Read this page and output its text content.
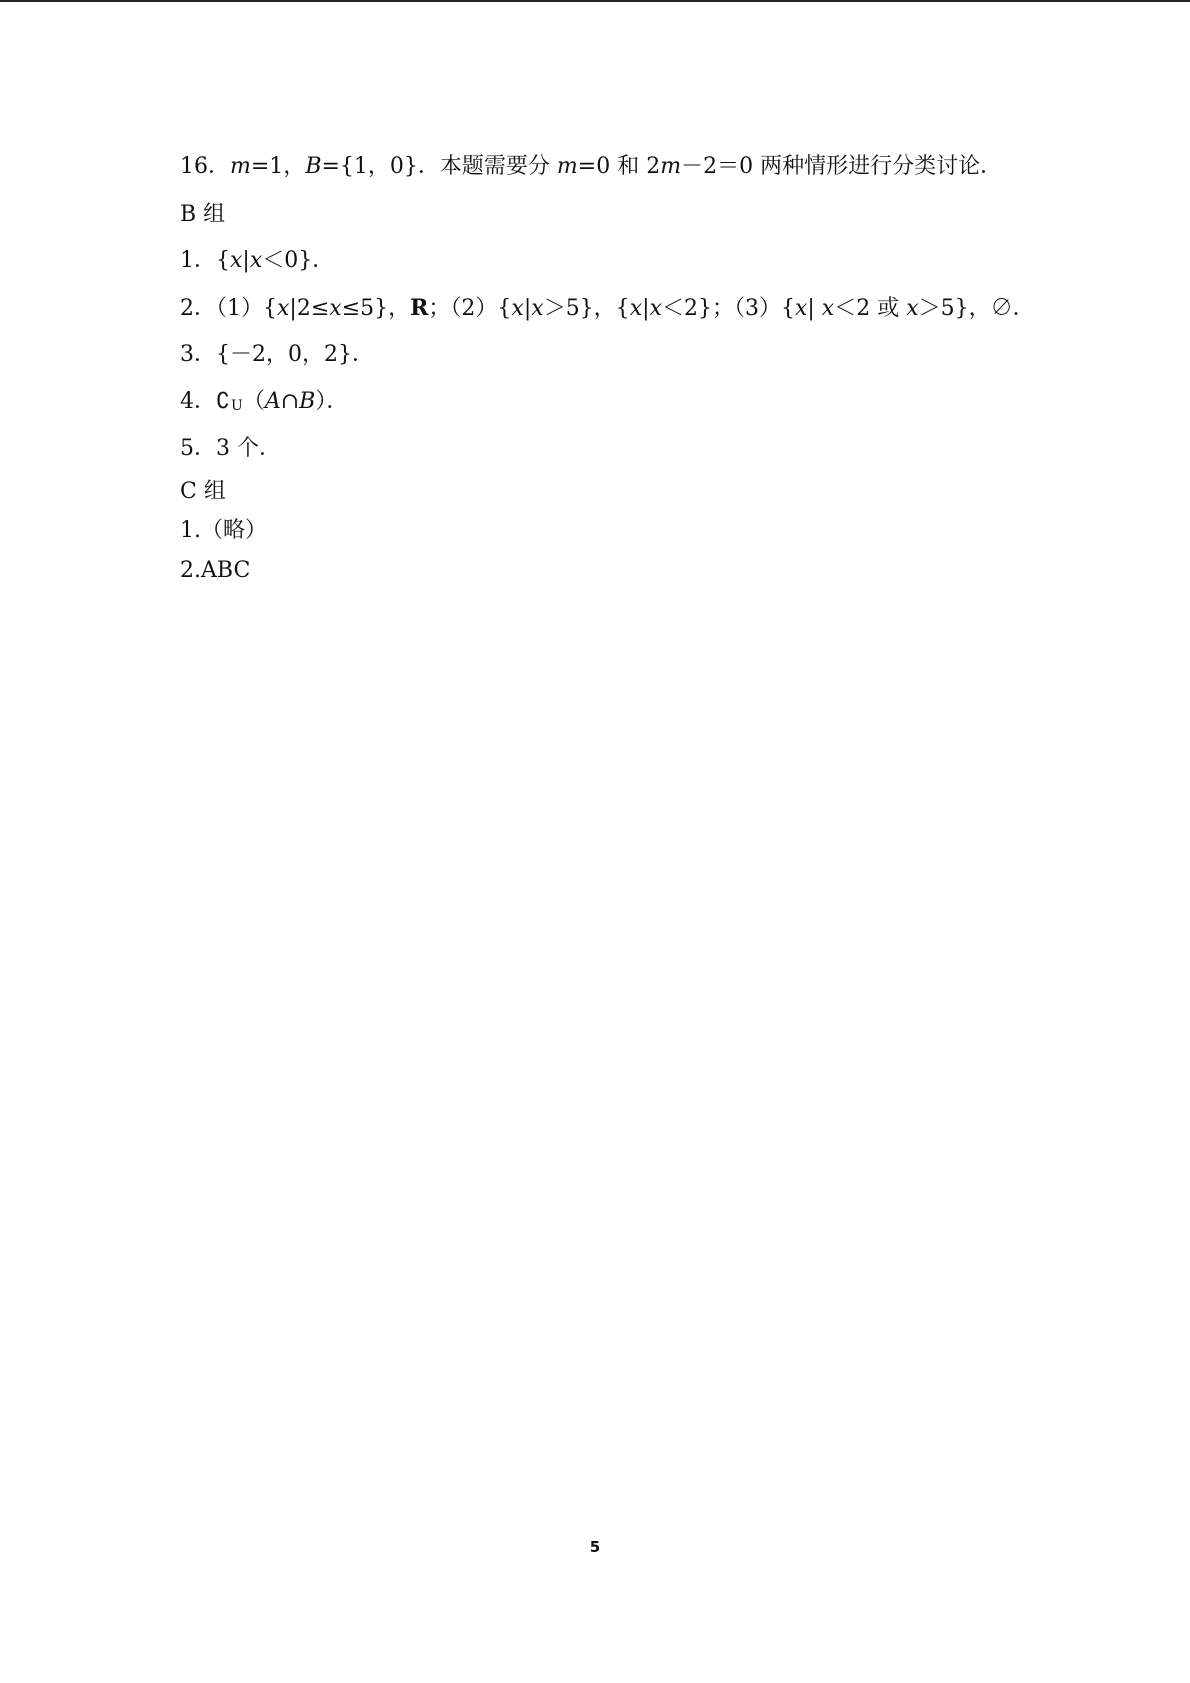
16．m=1，B={1，0}．本题需要分 m=0 和 2m－2＝0 两种情形进行分类讨论．

B 组

1．{x|x＜0}．

2．（1）{x|2≤x≤5}，R；（2）{x|x＞5}，{x|x＜2}；（3）{x| x＜2 或 x＞5}，∅．

3．{－2，0，2}．

4．∁U（A∩B）．

5．3 个．

C 组

1.（略）

2.ABC

5
